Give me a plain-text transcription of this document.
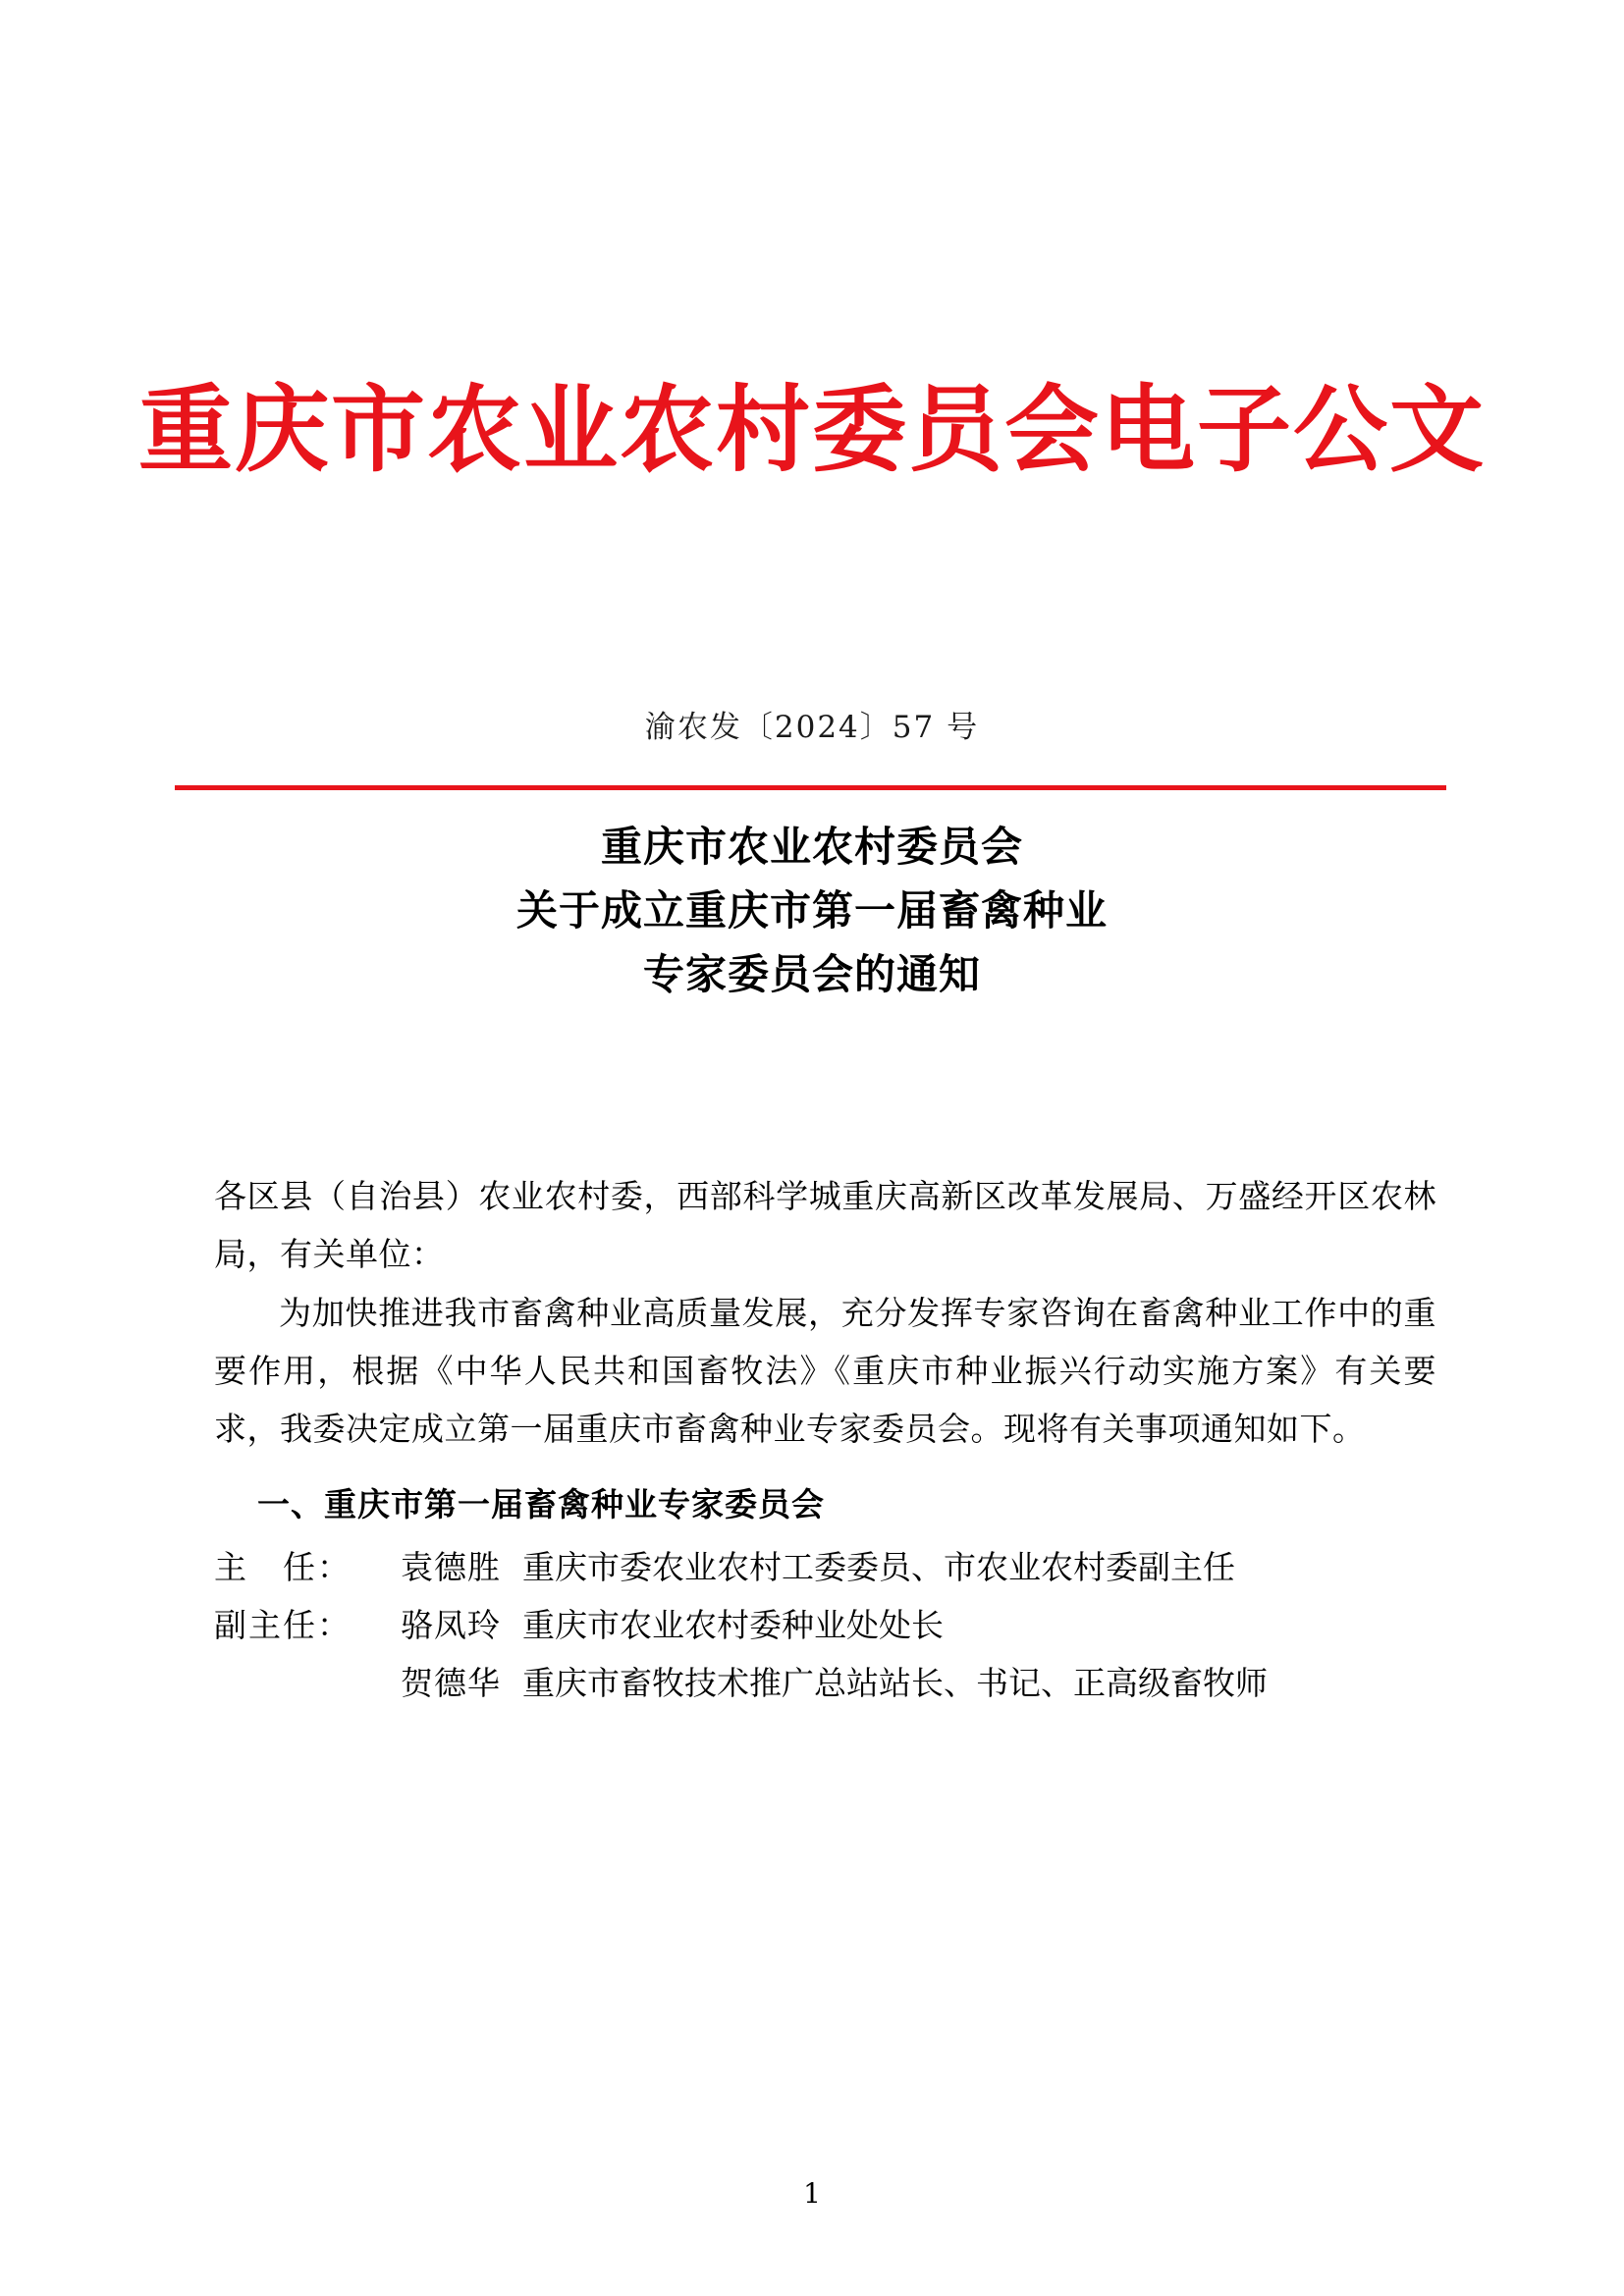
重庆市农业农村委员会电子公文
渝农发〔2024〕57 号
重庆市农业农村委员会
关于成立重庆市第一届畜禽种业
专家委员会的通知

各区县（自治县）农业农村委，西部科学城重庆高新区改革发展局、万盛经开区农林局，有关单位：

为加快推进我市畜禽种业高质量发展，充分发挥专家咨询在畜禽种业工作中的重要作用，根据《中华人民共和国畜牧法》《重庆市种业振兴行动实施方案》有关要求，我委决定成立第一届重庆市畜禽种业专家委员会。现将有关事项通知如下。

一、重庆市第一届畜禽种业专家委员会
主　任：	袁德胜 重庆市委农业农村工委委员、市农业农村委副主任
副主任：	骆凤玲 重庆市农业农村委种业处处长
贺德华 重庆市畜牧技术推广总站站长、书记、正高级畜牧师
1
